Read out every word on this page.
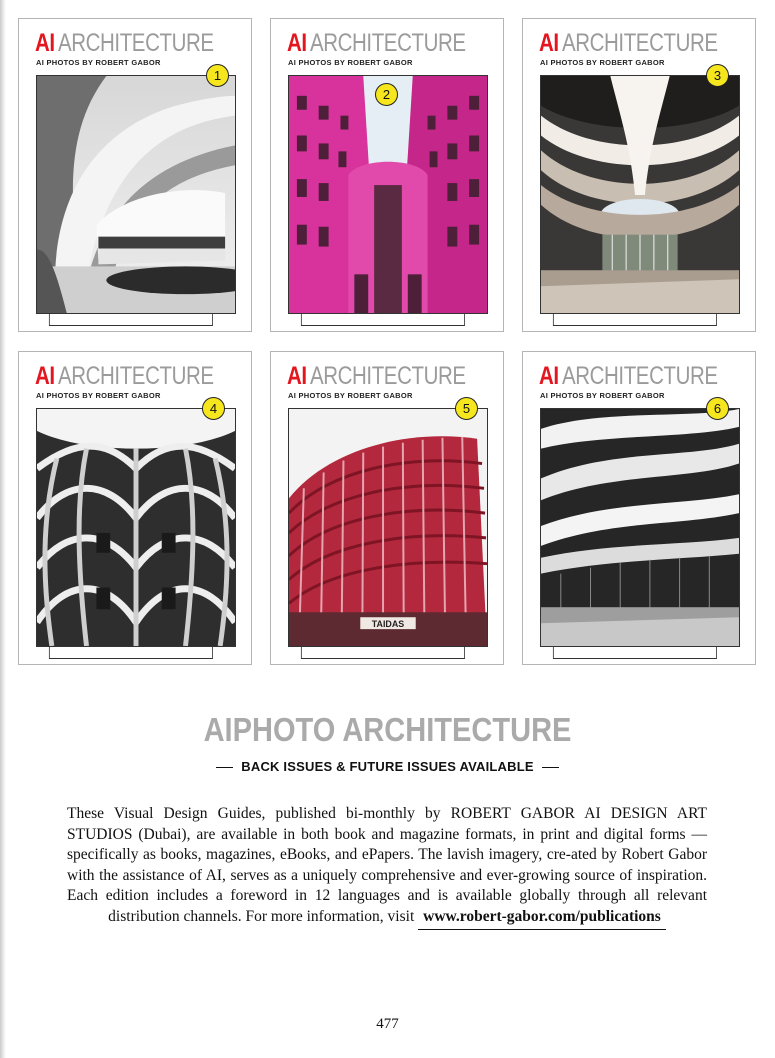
AI ARCHITECTURE

AI PHOTOS BY ROBERT GABOR

1

AI ARCHITECTURE

AI PHOTOS BY ROBERT GABOR

2

AI ARCHITECTURE

AI PHOTOS BY ROBERT GABOR

3

AI ARCHITECTURE

AI PHOTOS BY ROBERT GABOR

4

AI ARCHITECTURE

AI PHOTOS BY ROBERT GABOR

5
TAIDAS

AI ARCHITECTURE

AI PHOTOS BY ROBERT GABOR

6
AIPHOTO ARCHITECTURE
BACK ISSUES & FUTURE ISSUES AVAILABLE

These Visual Design Guides, published bi-monthly by ROBERT GABOR AI DESIGN ART STUDIOS (Dubai), are available in both book and magazine formats, in print and digital forms — specifically as books, magazines, eBooks, and ePapers. The lavish imagery, cre-ated by Robert Gabor with the assistance of AI, serves as a uniquely comprehensive and ever-growing source of inspiration. Each edition includes a foreword in 12 languages and is available globally through all relevant distribution channels. For more information, visit www.robert-gabor.com/publications

477
